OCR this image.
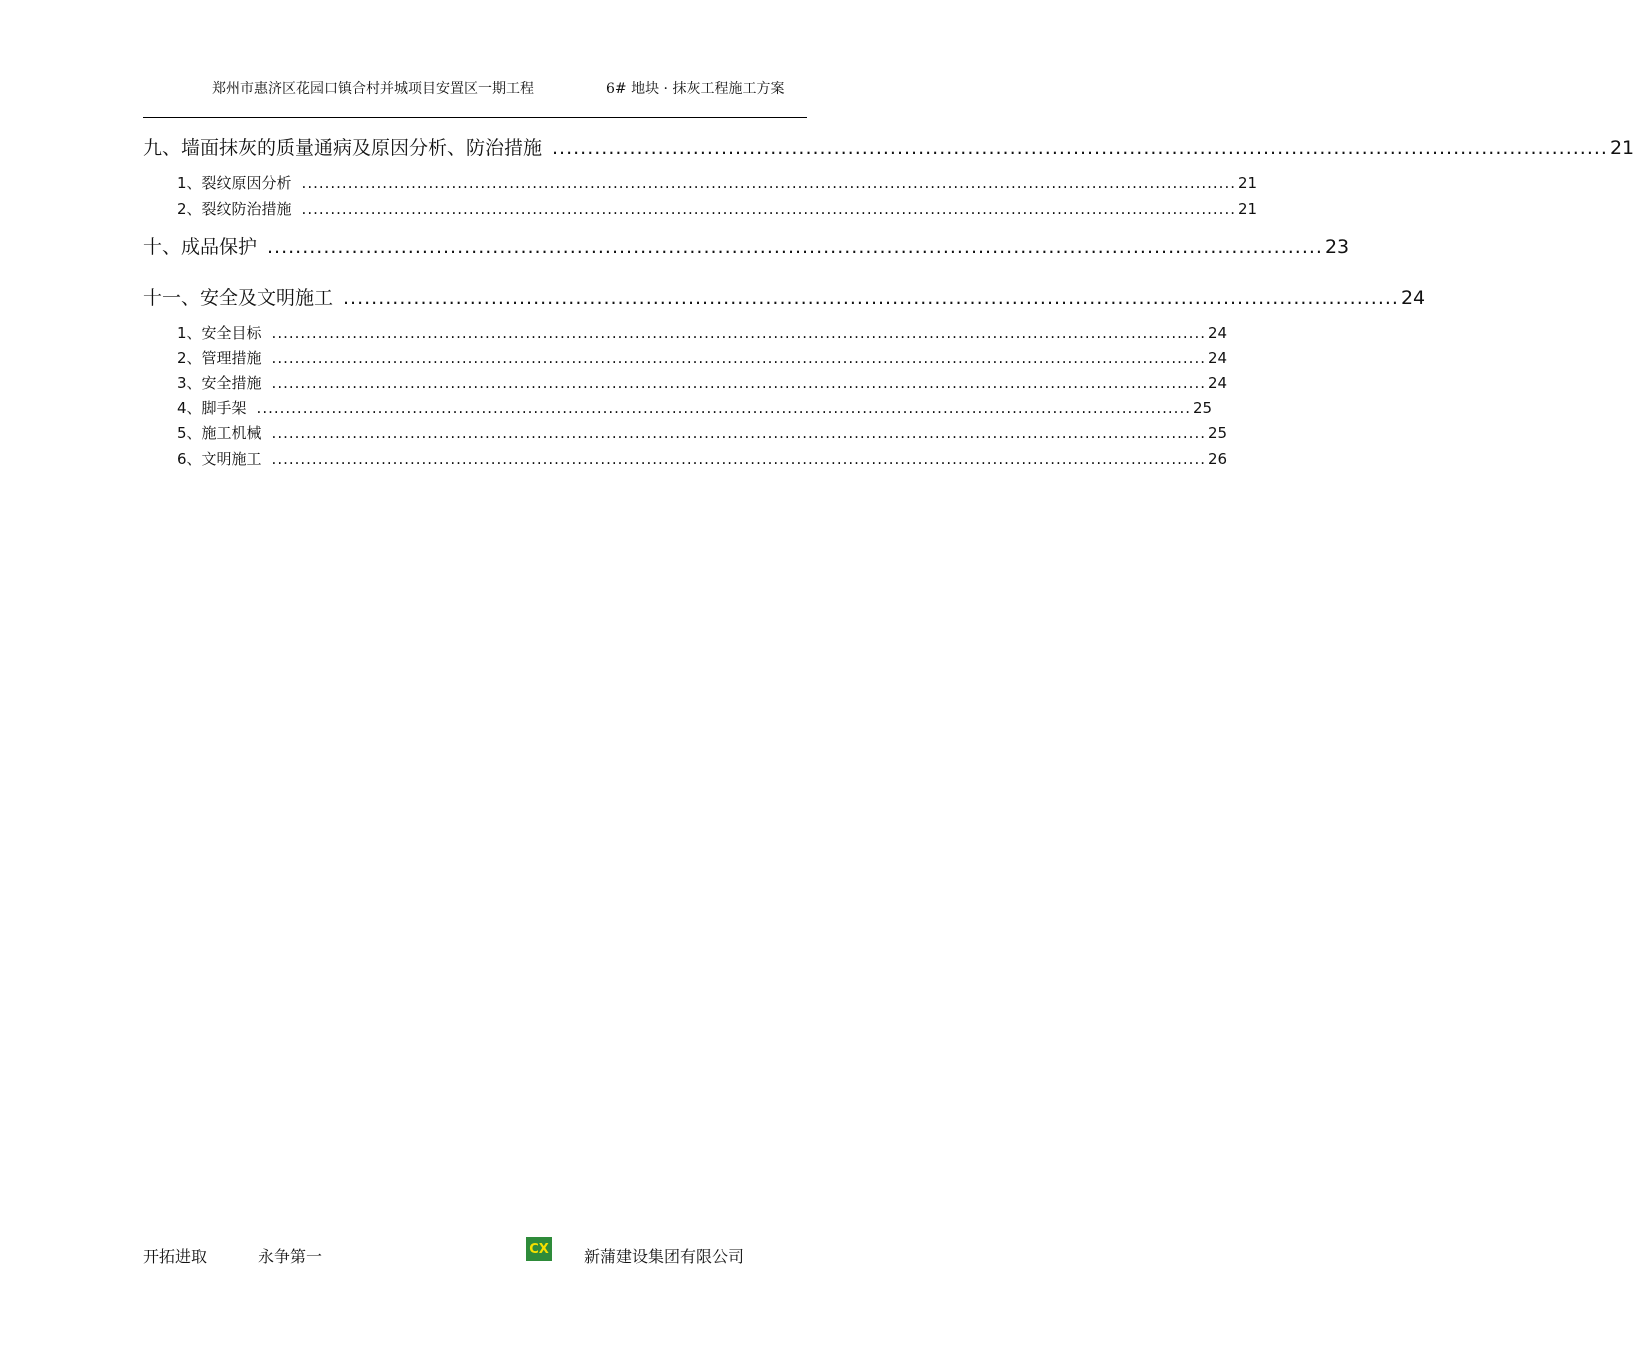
郑州市惠济区花园口镇合村并城项目安置区一期工程	6# 地块 · 抹灰工程施工方案
九、墙面抹灰的质量通病及原因分析、防治措施 ...................................................................................................................................................... 21
1、裂纹原因分析 .................................................................................................................................................................. 21
2、裂纹防治措施 .................................................................................................................................................................. 21
十、成品保护 ...................................................................................................................................................... 23
十一、安全及文明施工 ...................................................................................................................................................... 24
1、安全目标 .................................................................................................................................................................. 24
2、管理措施 .................................................................................................................................................................. 24
3、安全措施 .................................................................................................................................................................. 24
4、脚手架 .................................................................................................................................................................. 25
5、施工机械 .................................................................................................................................................................. 25
6、文明施工 .................................................................................................................................................................. 26
开拓进取	永争第一	CX 新蒲建设集团有限公司
